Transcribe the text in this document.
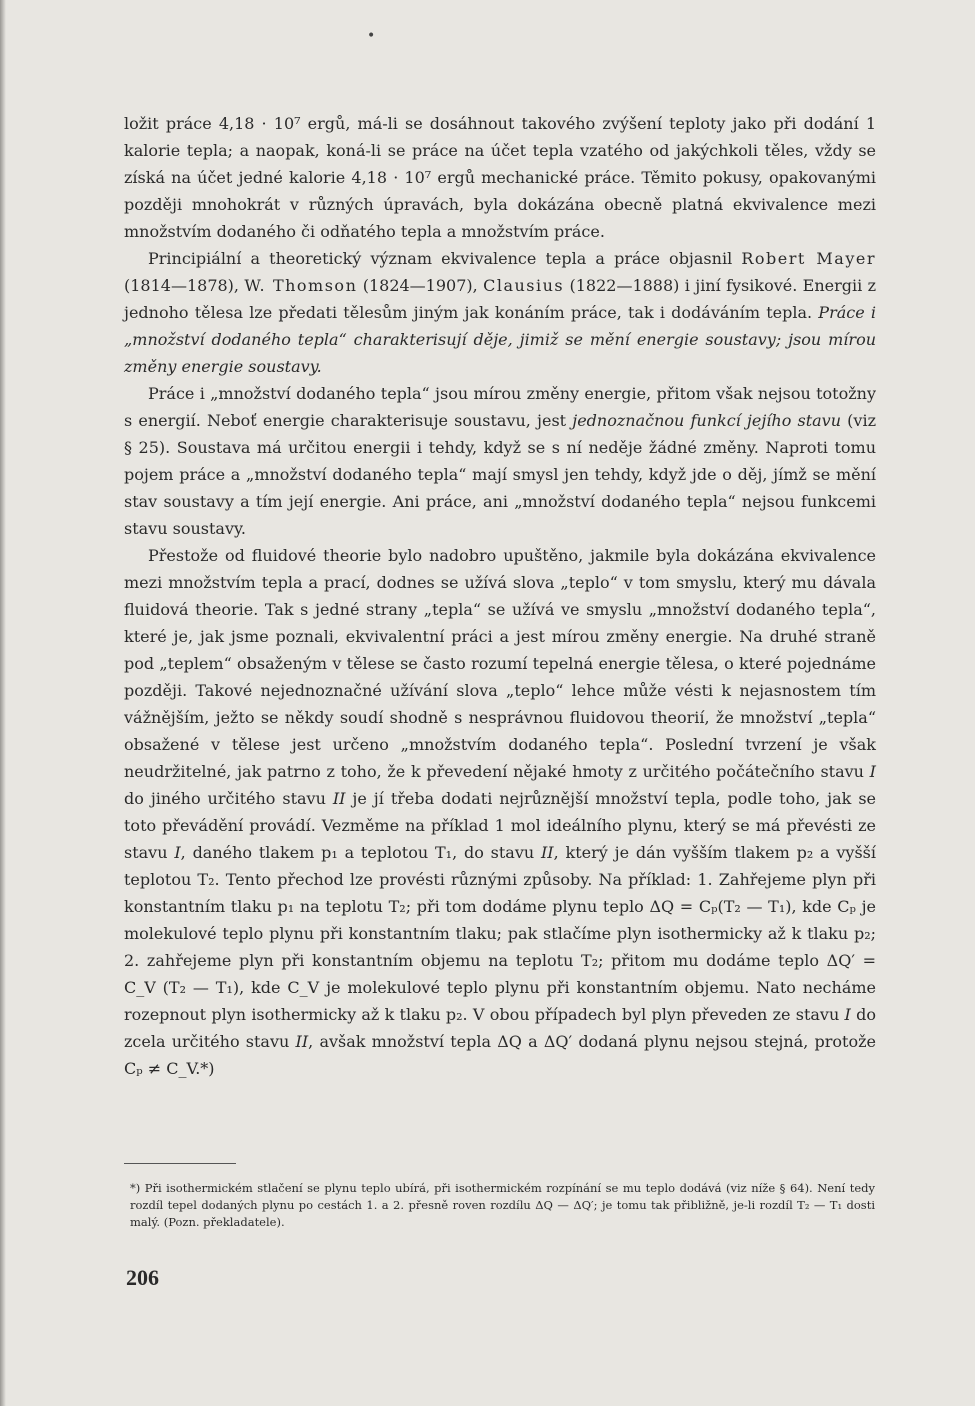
•

ložit práce 4,18 · 10⁷ ergů, má-li se dosáhnout takového zvýšení teploty jako při dodání 1 kalorie tepla; a naopak, koná-li se práce na účet tepla vzatého od jakýchkoli těles, vždy se získá na účet jedné kalorie 4,18 · 10⁷ ergů mechanické práce. Těmito pokusy, opakovanými později mnohokrát v různých úpravách, byla dokázána obecně platná ekvivalence mezi množstvím dodaného či odňatého tepla a množstvím práce.

Principiální a theoretický význam ekvivalence tepla a práce objasnil Robert Mayer (1814—1878), W. Thomson (1824—1907), Clausius (1822—1888) i jiní fysikové. Energii z jednoho tělesa lze předati tělesům jiným jak konáním práce, tak i dodáváním tepla. Práce i „množství dodaného tepla“ charakterisují děje, jimiž se mění energie soustavy; jsou mírou změny energie soustavy.

Práce i „množství dodaného tepla“ jsou mírou změny energie, přitom však nejsou totožny s energií. Neboť energie charakterisuje soustavu, jest jednoznačnou funkcí jejího stavu (viz § 25). Soustava má určitou energii i tehdy, když se s ní neděje žádné změny. Naproti tomu pojem práce a „množství dodaného tepla“ mají smysl jen tehdy, když jde o děj, jímž se mění stav soustavy a tím její energie. Ani práce, ani „množství dodaného tepla“ nejsou funkcemi stavu soustavy.

Přestože od fluidové theorie bylo nadobro upuštěno, jakmile byla dokázána ekvivalence mezi množstvím tepla a prací, dodnes se užívá slova „teplo“ v tom smyslu, který mu dávala fluidová theorie. Tak s jedné strany „tepla“ se užívá ve smyslu „množství dodaného tepla“, které je, jak jsme poznali, ekvivalentní práci a jest mírou změny energie. Na druhé straně pod „teplem“ obsaženým v tělese se často rozumí tepelná energie tělesa, o které pojednáme později. Takové nejednoznačné užívání slova „teplo“ lehce může vésti k nejasnostem tím vážnějším, ježto se někdy soudí shodně s nesprávnou fluidovou theorií, že množství „tepla“ obsažené v tělese jest určeno „množstvím dodaného tepla“. Poslední tvrzení je však neudržitelné, jak patrno z toho, že k převedení nějaké hmoty z určitého počátečního stavu I do jiného určitého stavu II je jí třeba dodati nejrůznější množství tepla, podle toho, jak se toto převádění provádí. Vezměme na příklad 1 mol ideálního plynu, který se má převésti ze stavu I, daného tlakem p₁ a teplotou T₁, do stavu II, který je dán vyšším tlakem p₂ a vyšší teplotou T₂. Tento přechod lze provésti různými způsoby. Na příklad: 1. Zahřejeme plyn při konstantním tlaku p₁ na teplotu T₂; při tom dodáme plynu teplo ΔQ = Cₚ(T₂ — T₁), kde Cₚ je molekulové teplo plynu při konstantním tlaku; pak stlačíme plyn isothermicky až k tlaku p₂; 2. zahřejeme plyn při konstantním objemu na teplotu T₂; přitom mu dodáme teplo ΔQ′ = C_V (T₂ — T₁), kde C_V je molekulové teplo plynu při konstantním objemu. Nato necháme rozepnout plyn isothermicky až k tlaku p₂. V obou případech byl plyn převeden ze stavu I do zcela určitého stavu II, avšak množství tepla ΔQ a ΔQ′ dodaná plynu nejsou stejná, protože Cₚ ≠ C_V.*)

*) Při isothermickém stlačení se plynu teplo ubírá, při isothermickém rozpínání se mu teplo dodává (viz níže § 64). Není tedy rozdíl tepel dodaných plynu po cestách 1. a 2. přesně roven rozdílu ΔQ — ΔQ′; je tomu tak přibližně, je-li rozdíl T₂ — T₁ dosti malý. (Pozn. překladatele).

206
